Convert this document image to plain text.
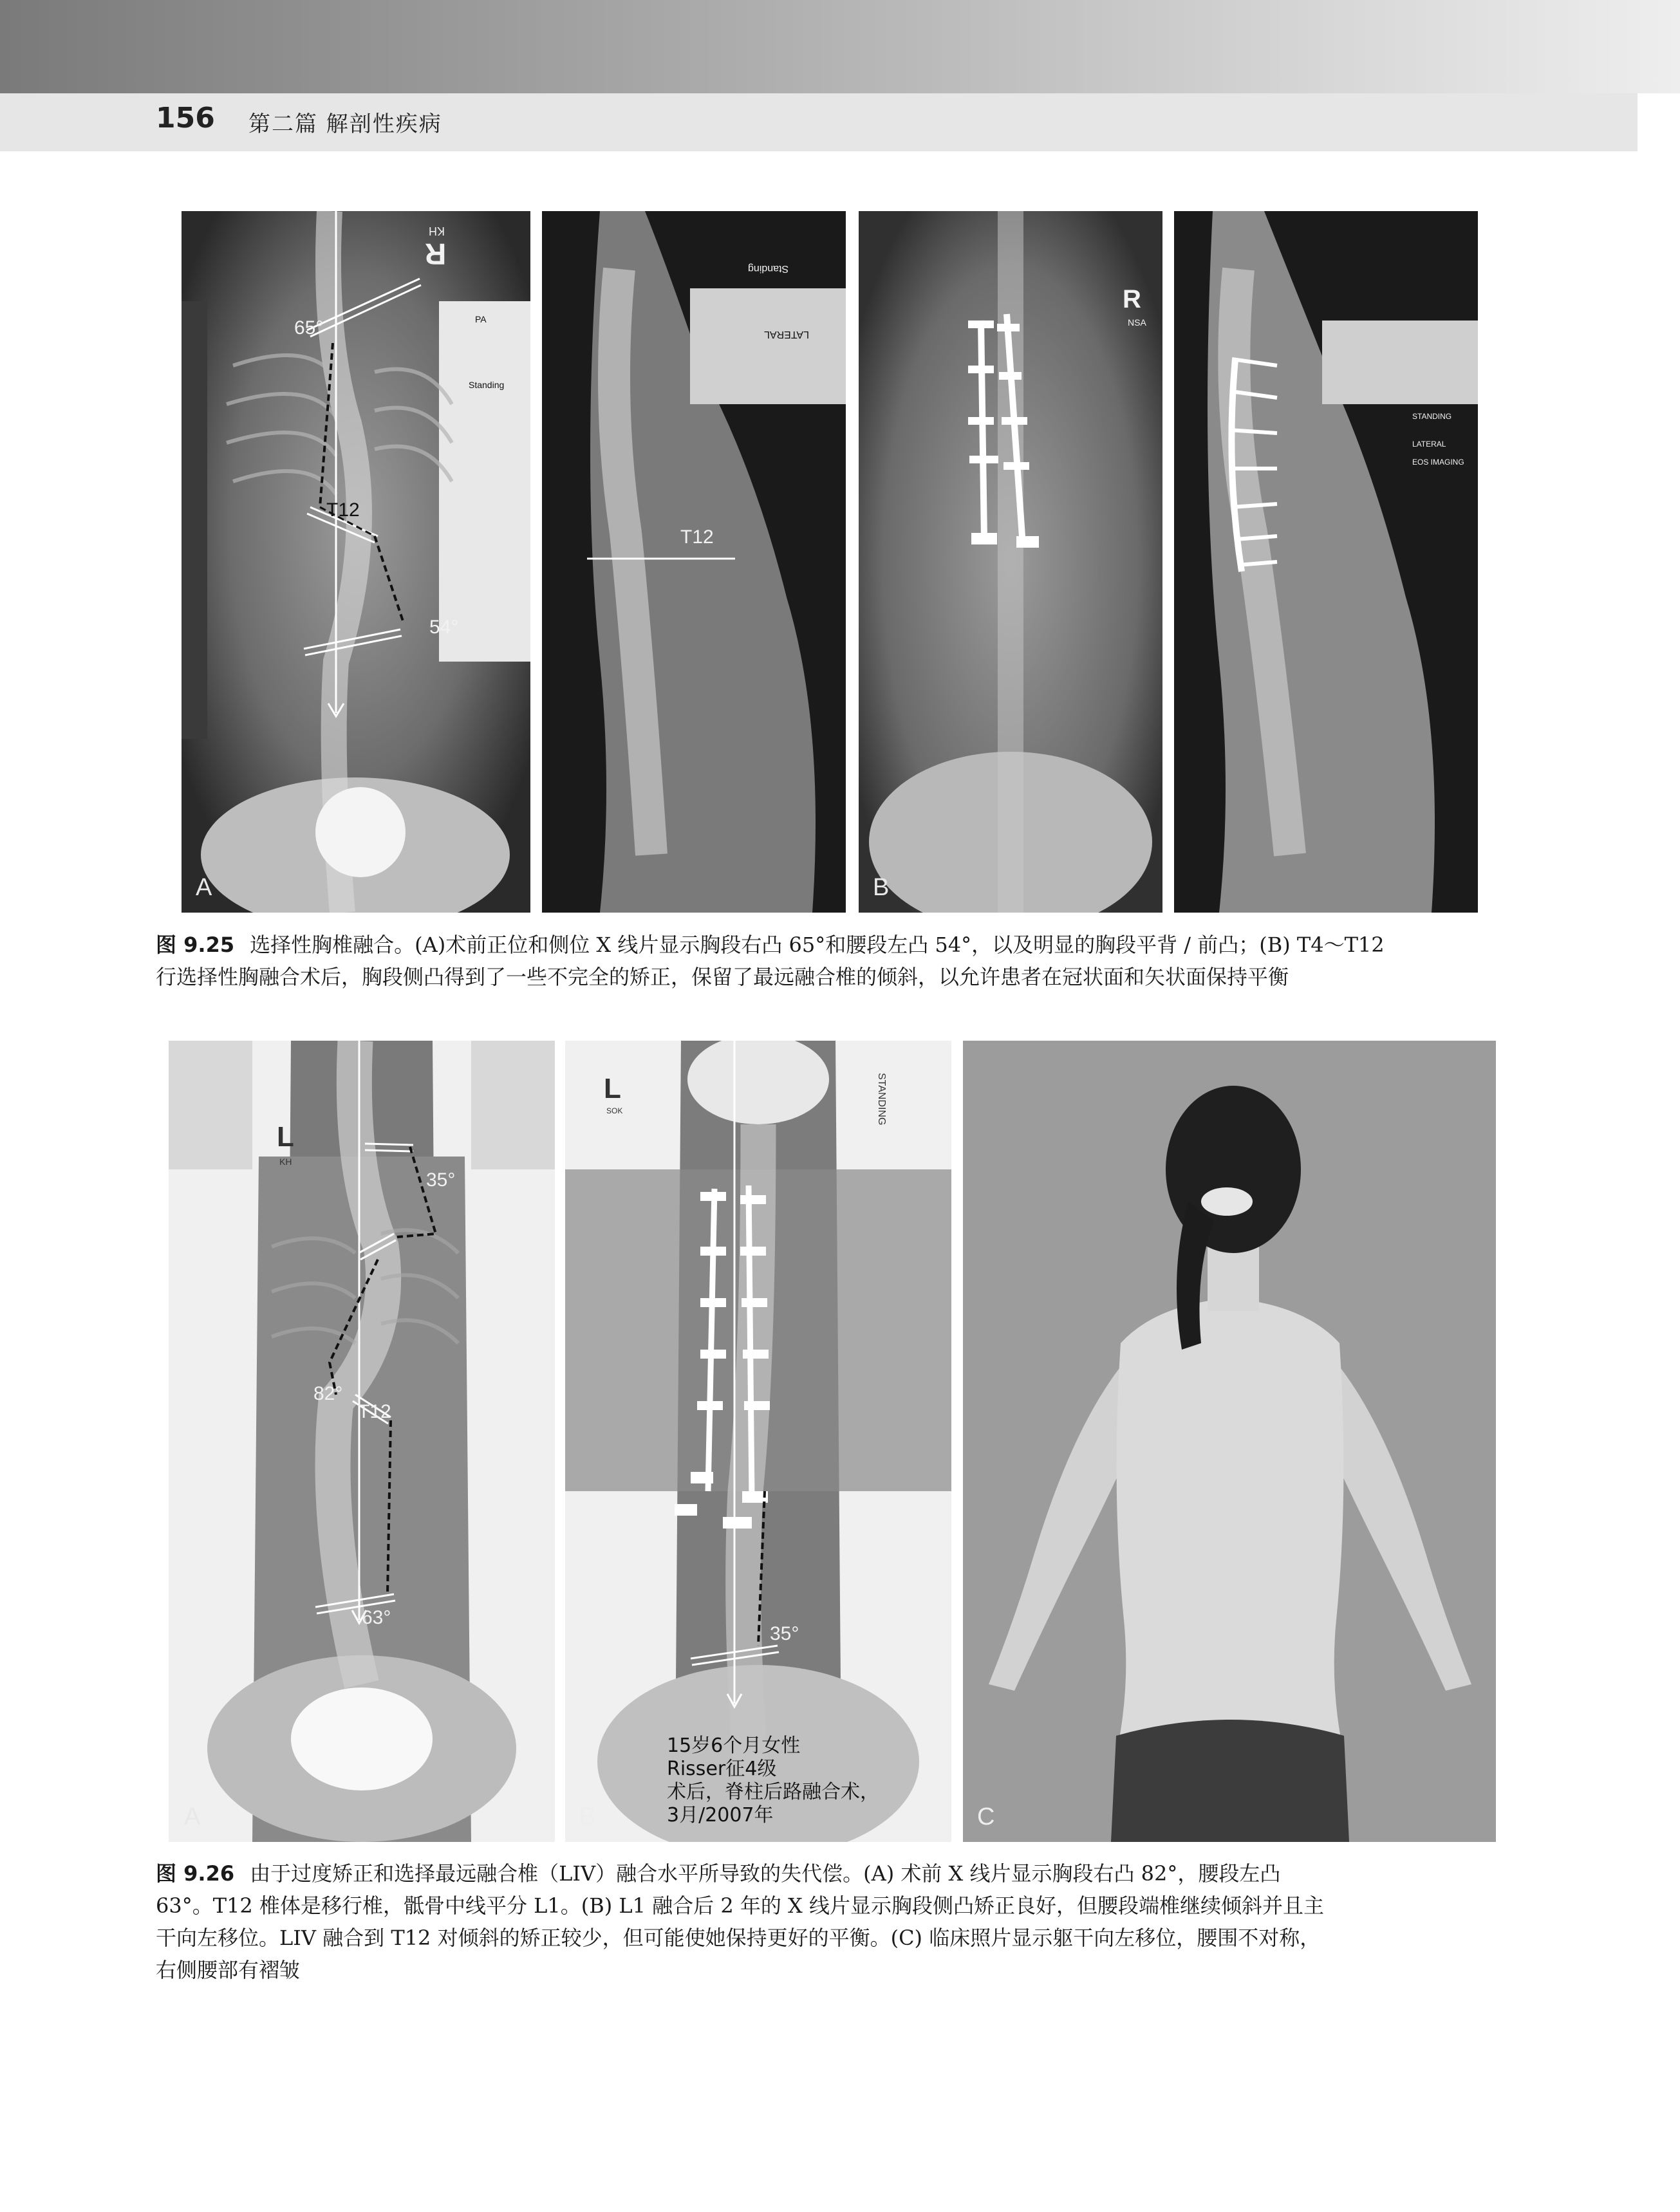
156 第二篇 解剖性疾病
65°
T12
54°
R
KH
PA
Standing
A
T12
Standing
LATERAL
R
NSA
B
STANDING
LATERAL
EOS IMAGING
图 9.25 选择性胸椎融合。(A)术前正位和侧位 X 线片显示胸段右凸 65°和腰段左凸 54°，以及明显的胸段平背 / 前凸；(B) T4～T12
行选择性胸融合术后，胸段侧凸得到了一些不完全的矫正，保留了最远融合椎的倾斜，以允许患者在冠状面和矢状面保持平衡
L
KH
35°
82°
T12
63°
A
L
SOK	STANDING
35°
15岁6个月女性
Risser征4级
术后，脊柱后路融合术，
3月/2007年
B	C
图 9.26 由于过度矫正和选择最远融合椎（LIV）融合水平所导致的失代偿。(A) 术前 X 线片显示胸段右凸 82°，腰段左凸
63°。T12 椎体是移行椎，骶骨中线平分 L1。(B) L1 融合后 2 年的 X 线片显示胸段侧凸矫正良好，但腰段端椎继续倾斜并且主
干向左移位。LIV 融合到 T12 对倾斜的矫正较少，但可能使她保持更好的平衡。(C) 临床照片显示躯干向左移位，腰围不对称，
右侧腰部有褶皱
